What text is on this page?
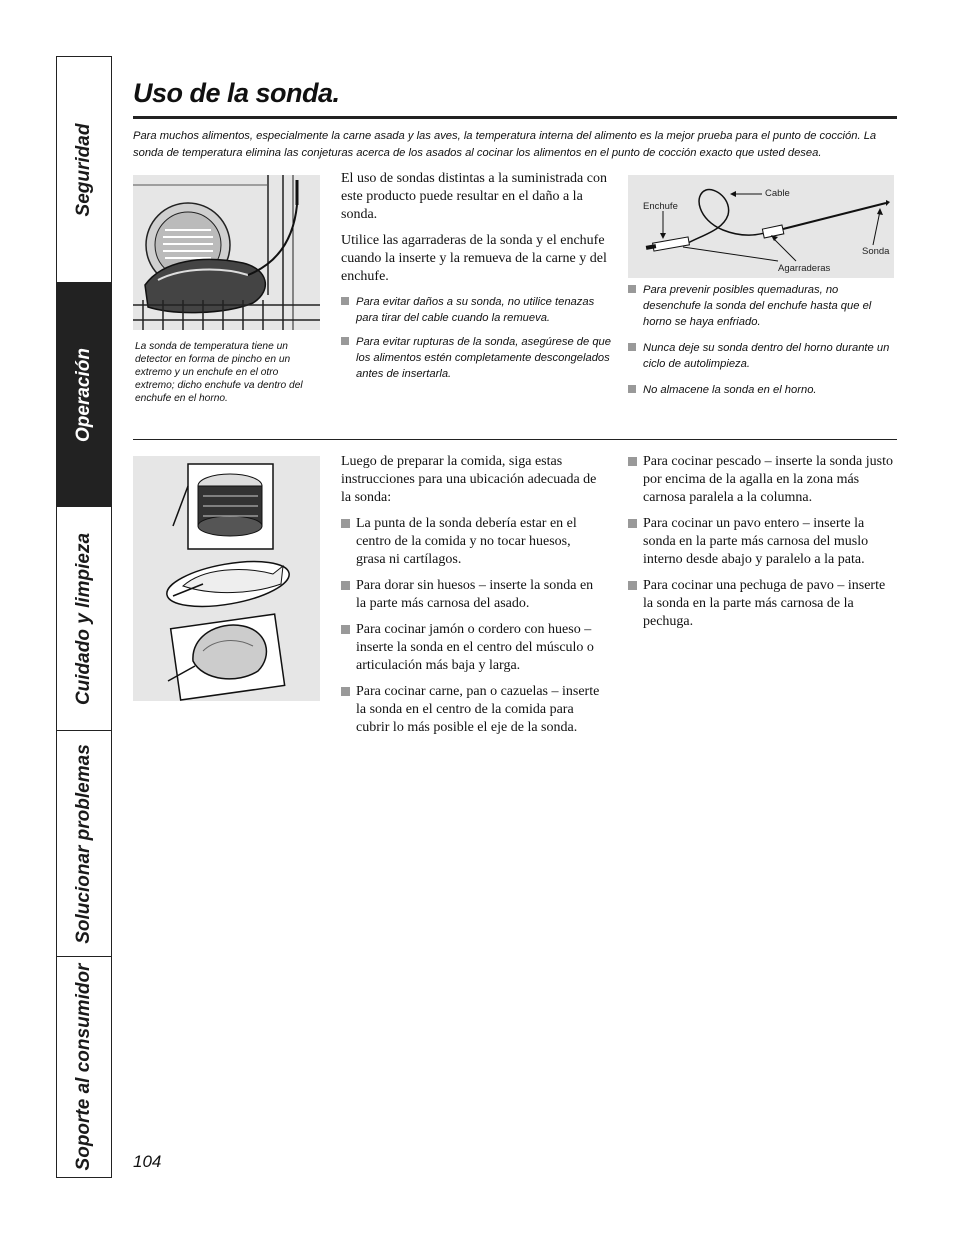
Seguridad
Operación
Cuidado y limpieza
Solucionar problemas
Soporte al consumidor
Uso de la sonda.

Para muchos alimentos, especialmente la carne asada y las aves, la temperatura interna del alimento es la mejor prueba para el punto de cocción. La sonda de temperatura elimina las conjeturas acerca de los asados al cocinar los alimentos en el punto de cocción exacto que usted desea.

La sonda de temperatura tiene un detector en forma de pincho en un extremo y un enchufe en el otro extremo; dicho enchufe va dentro del enchufe en el horno.

El uso de sondas distintas a la suministrada con este producto puede resultar en el daño a la sonda.

Utilice las agarraderas de la sonda y el enchufe cuando la inserte y la remueva de la carne y del enchufe.

Para evitar daños a su sonda, no utilice tenazas para tirar del cable cuando la remueva.
Para evitar rupturas de la sonda, asegúrese de que los alimentos estén completamente descongelados antes de insertarla.
Cable
Enchufe
Sonda
Agarraderas
Para prevenir posibles quemaduras, no desenchufe la sonda del enchufe hasta que el horno se haya enfriado.
Nunca deje su sonda dentro del horno durante un ciclo de autolimpieza.
No almacene la sonda en el horno.

Luego de preparar la comida, siga estas instrucciones para una ubicación adecuada de la sonda:

La punta de la sonda debería estar en el centro de la comida y no tocar huesos, grasa ni cartílagos.
Para dorar sin huesos – inserte la sonda en la parte más carnosa del asado.
Para cocinar jamón o cordero con hueso – inserte la sonda en el centro del músculo o articulación más baja y larga.
Para cocinar carne, pan o cazuelas – inserte la sonda en el centro de la comida para cubrir lo más posible el eje de la sonda.
Para cocinar pescado – inserte la sonda justo por encima de la agalla en la zona más carnosa paralela a la columna.
Para cocinar un pavo entero – inserte la sonda en la parte más carnosa del muslo interno desde abajo y paralelo a la pata.
Para cocinar una pechuga de pavo – inserte la sonda en la parte más carnosa de la pechuga.

104
